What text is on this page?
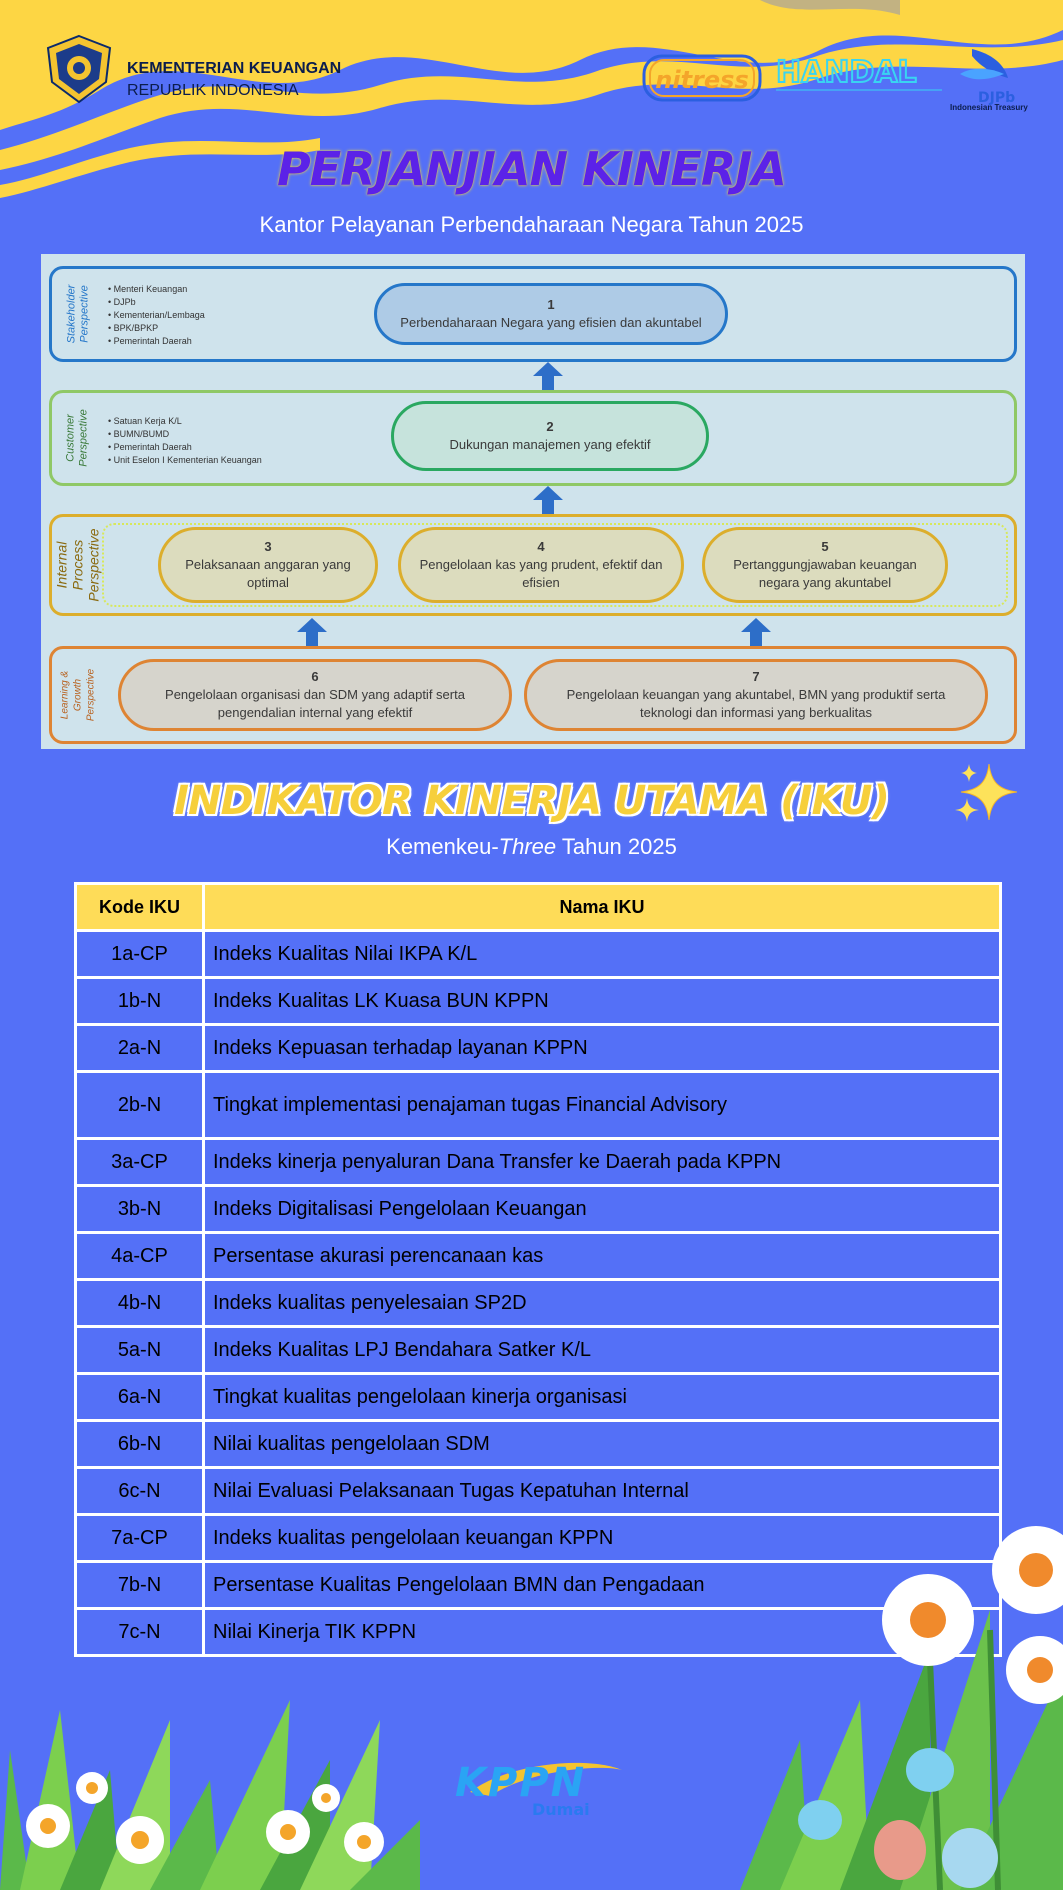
KEMENTERIAN KEUANGAN
REPUBLIK INDONESIA	nitress HANDAL
DJPb
Indonesian Treasury
PERJANJIAN KINERJA
Kantor Pelayanan Perbendaharaan Negara Tahun 2025
Stakeholder Perspective	• Menteri Keuangan
• DJPb
• Kementerian/Lembaga
• BPK/BPKP
• Pemerintah Daerah
1
Perbendaharaan Negara yang efisien dan akuntabel
Customer Perspective	• Satuan Kerja K/L
• BUMN/BUMD
• Pemerintah Daerah
• Unit Eselon I Kementerian Keuangan
2
Dukungan manajemen yang efektif
Internal Process Perspective	3
Pelaksanaan anggaran yang optimal
4
Pengelolaan kas yang prudent, efektif dan efisien
5
Pertanggungjawaban keuangan negara yang akuntabel
Learning & Growth Perspective	6
Pengelolaan organisasi dan SDM yang adaptif serta pengendalian internal yang efektif
7
Pengelolaan keuangan yang akuntabel, BMN yang produktif serta teknologi dan informasi yang berkualitas
INDIKATOR KINERJA UTAMA (IKU)
Kemenkeu-Three Tahun 2025
Kode IKU	Nama IKU
1a-CP	Indeks Kualitas Nilai IKPA K/L
1b-N	Indeks Kualitas LK Kuasa BUN KPPN
2a-N	Indeks Kepuasan terhadap layanan KPPN
2b-N	Tingkat implementasi penajaman tugas Financial Advisory
3a-CP	Indeks kinerja penyaluran Dana Transfer ke Daerah pada KPPN
3b-N	Indeks Digitalisasi Pengelolaan Keuangan
4a-CP	Persentase akurasi perencanaan kas
4b-N	Indeks kualitas penyelesaian SP2D
5a-N	Indeks Kualitas LPJ Bendahara Satker K/L
6a-N	Tingkat kualitas pengelolaan kinerja organisasi
6b-N	Nilai kualitas pengelolaan SDM
6c-N	Nilai Evaluasi Pelaksanaan Tugas Kepatuhan Internal
7a-CP	Indeks kualitas pengelolaan keuangan KPPN
7b-N	Persentase Kualitas Pengelolaan BMN dan Pengadaan
7c-N	Nilai Kinerja TIK KPPN
KPPN
Dumai
